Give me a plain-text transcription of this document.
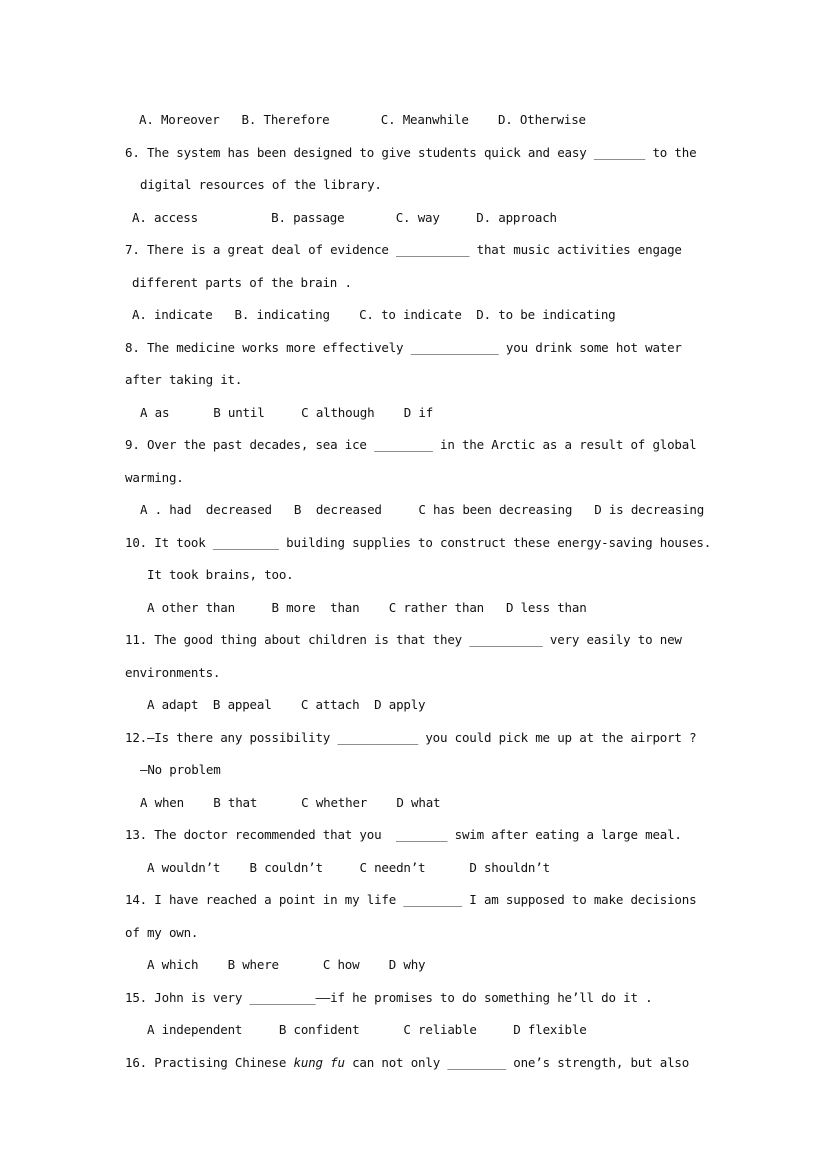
A. Moreover   B. Therefore       C. Meanwhile    D. Otherwise
6. The system has been designed to give students quick and easy _______ to the
digital resources of the library.
A. access          B. passage       C. way     D. approach
7. There is a great deal of evidence __________ that music activities engage
different parts of the brain .
A. indicate   B. indicating    C. to indicate  D. to be indicating
8. The medicine works more effectively ____________ you drink some hot water
after taking it.
A as      B until     C although    D if
9. Over the past decades, sea ice ________ in the Arctic as a result of global
warming.
A . had  decreased   B  decreased     C has been decreasing   D is decreasing
10. It took _________ building supplies to construct these energy-saving houses.
It took brains, too.
A other than     B more  than    C rather than   D less than
11. The good thing about children is that they __________ very easily to new
environments.
A adapt  B appeal    C attach  D apply
12.—Is there any possibility ___________ you could pick me up at the airport ?
—No problem
A when    B that      C whether    D what
13. The doctor recommended that you  _______ swim after eating a large meal.
A wouldn’t    B couldn’t     C needn’t      D shouldn’t
14. I have reached a point in my life ________ I am supposed to make decisions
of my own.
A which    B where      C how    D why
15. John is very _________——if he promises to do something he’ll do it .
A independent     B confident      C reliable     D flexible
16. Practising Chinese kung fu can not only ________ one’s strength, but also
